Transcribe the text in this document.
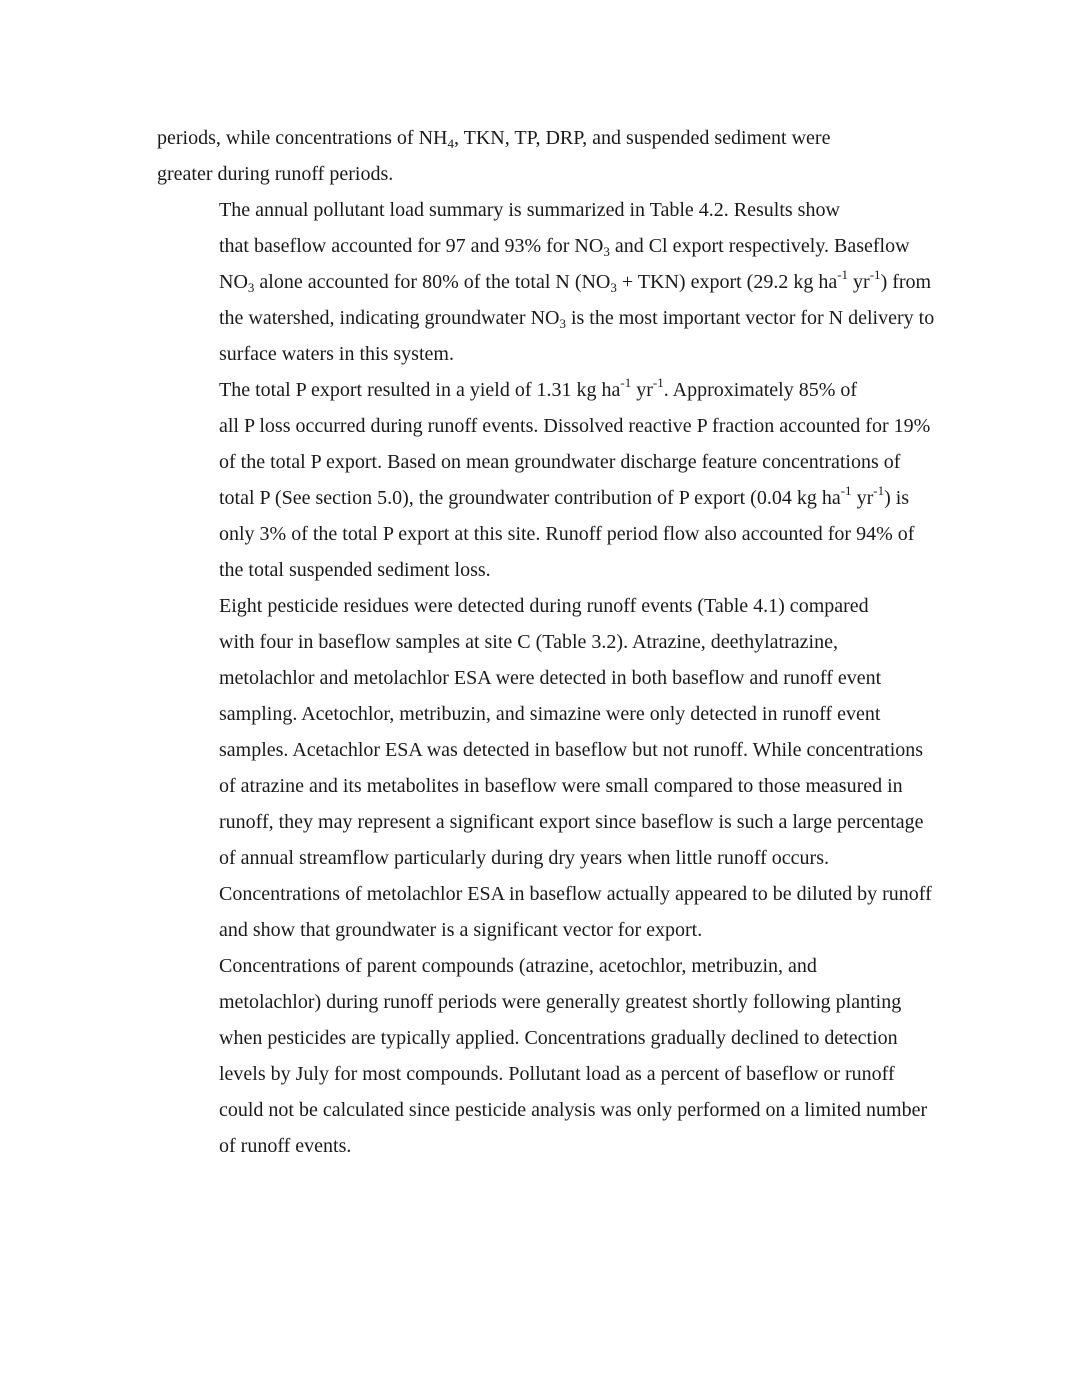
periods, while concentrations of $NH_4$, TKN, TP, DRP, and suspended sediment were
greater during runoff periods.

The annual pollutant load summary is summarized in Table 4.2. Results show
that baseflow accounted for 97 and 93% for $NO_3$ and Cl export respectively. Baseflow
$NO_3$ alone accounted for 80% of the total N $(NO_3 + TKN)$ export (29.2 kg $ha^{-1}$ $yr^{-1}$) from
the watershed, indicating groundwater $NO_3$ is the most important vector for N delivery to
surface waters in this system.

The total P export resulted in a yield of 1.31 kg $ha^{-1}$ $yr^{-1}$. Approximately 85% of
all P loss occurred during runoff events. Dissolved reactive P fraction accounted for 19%
of the total P export. Based on mean groundwater discharge feature concentrations of
total P (See section 5.0), the groundwater contribution of P export (0.04 kg $ha^{-1}$ $yr^{-1}$) is
only 3% of the total P export at this site. Runoff period flow also accounted for 94% of
the total suspended sediment loss.

Eight pesticide residues were detected during runoff events (Table 4.1) compared
with four in baseflow samples at site C (Table 3.2). Atrazine, deethylatrazine,
metolachlor and metolachlor ESA were detected in both baseflow and runoff event
sampling. Acetochlor, metribuzin, and simazine were only detected in runoff event
samples. Acetachlor ESA was detected in baseflow but not runoff. While concentrations
of atrazine and its metabolites in baseflow were small compared to those measured in
runoff, they may represent a significant export since baseflow is such a large percentage
of annual streamflow particularly during dry years when little runoff occurs.
Concentrations of metolachlor ESA in baseflow actually appeared to be diluted by runoff
and show that groundwater is a significant vector for export.

Concentrations of parent compounds (atrazine, acetochlor, metribuzin, and
metolachlor) during runoff periods were generally greatest shortly following planting
when pesticides are typically applied. Concentrations gradually declined to detection
levels by July for most compounds. Pollutant load as a percent of baseflow or runoff
could not be calculated since pesticide analysis was only performed on a limited number
of runoff events.
